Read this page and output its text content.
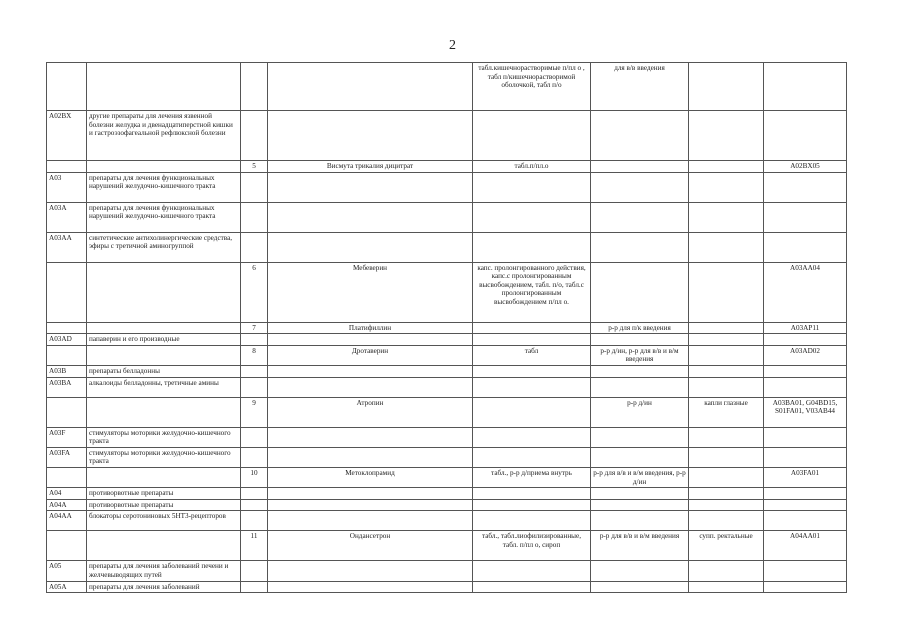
2
				табл.кишечнорастворимые п/пл о , табл п/кишечнорастворимой оболочкой, табл п/о	для в/в введения		
A02BX	другие препараты для лечения язвенной болезни желудка и двенадцатиперстной кишки и гастроэзофагеальной рефлюксной болезни						
		5	Висмута трикалия дицитрат	табл.п/пл.о			A02BX05
A03	препараты для лечения функциональных нарушений желудочно-кишечного тракта						
A03A	препараты для лечения функциональных нарушений желудочно-кишечного тракта						
A03AA	синтетические антихолинергические средства, эфиры с третичной аминогруппой						
		6	Мебеверин	капс. пролонгированного действия, капс.с пролонгированным высвобождением, табл. п/о, табл.с пролонгированным высвобождением п/пл о.			A03AA04
		7	Платифиллин		р-р для п/к введения		A03AP11
A03AD	папаверин и его производные						
		8	Дротаверин	табл	р-р д/ин, р-р для в/в и в/м введения		A03AD02
A03B	препараты белладонны						
A03BA	алкалоиды белладонны, третичные амины						
		9	Атропин		р-р д/ин	капли глазные	A03BA01, G04BD15, S01FA01, V03AB44
A03F	стимуляторы моторики желудочно-кишечного тракта						
A03FA	стимуляторы моторики желудочно-кишечного тракта						
		10	Метоклопрамид	табл., р-р д/приема внутрь	р-р для в/в и в/м введения, р-р д/ин		A03FA01
A04	противорвотные препараты						
A04A	противорвотные препараты						
A04AA	блокаторы серотониновых 5HT3-рецепторов						
		11	Ондансетрон	табл., табл.лиофилизированные, табл. п/пл о, сироп	р-р для в/в и в/м введения	супп. ректальные	A04AA01
A05	препараты для лечения заболеваний печени и желчевыводящих путей						
A05A	препараты для лечения заболеваний						
